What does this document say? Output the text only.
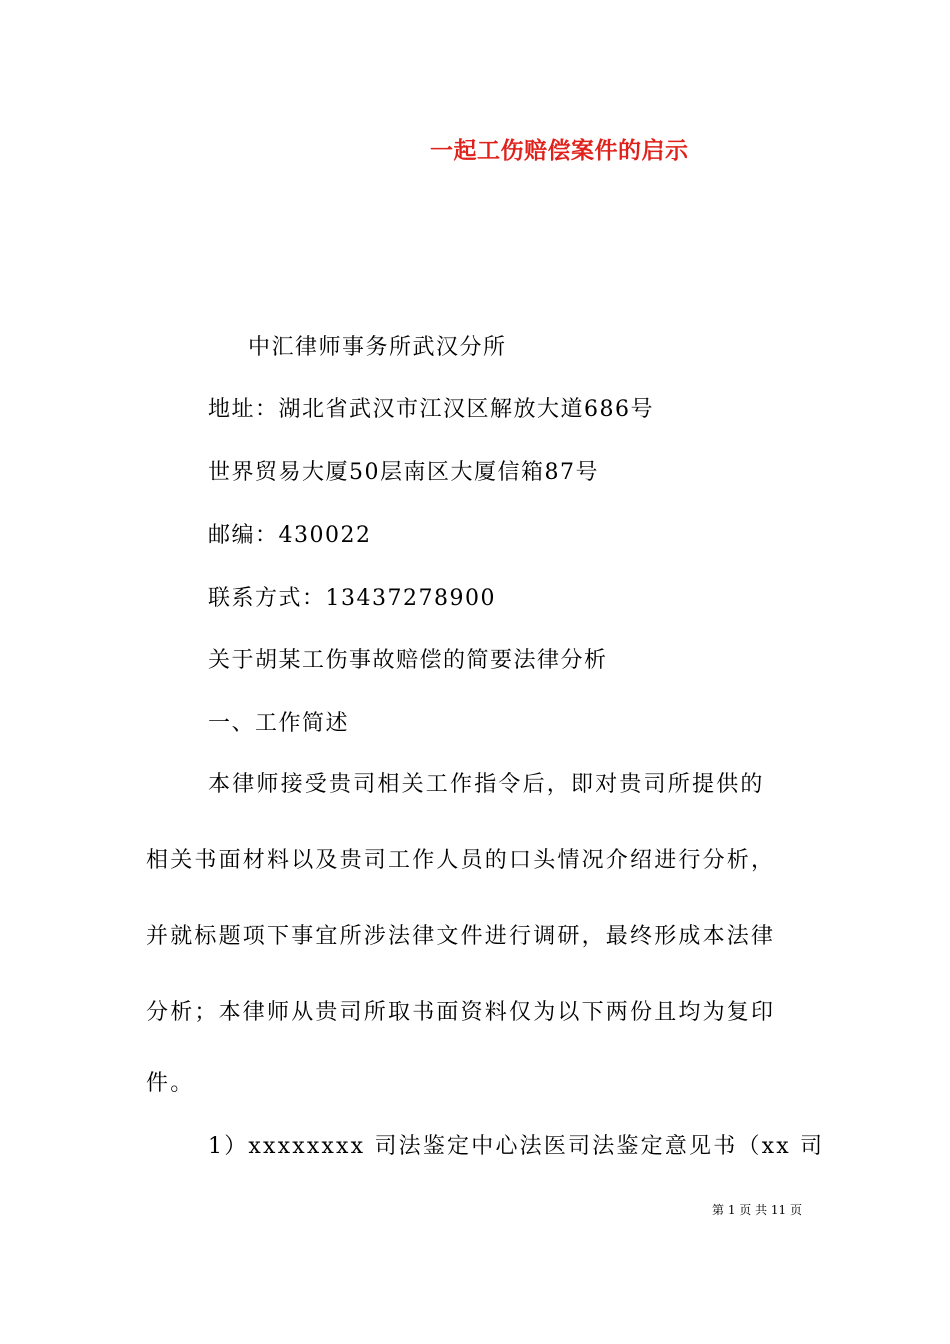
一起工伤赔偿案件的启示
中汇律师事务所武汉分所
地址：湖北省武汉市江汉区解放大道686号
世界贸易大厦50层南区大厦信箱87号
邮编：430022
联系方式：13437278900
关于胡某工伤事故赔偿的简要法律分析
一、工作简述
本律师接受贵司相关工作指令后，即对贵司所提供的
相关书面材料以及贵司工作人员的口头情况介绍进行分析，
并就标题项下事宜所涉法律文件进行调研，最终形成本法律
分析；本律师从贵司所取书面资料仅为以下两份且均为复印
件。
1）xxxxxxxx 司法鉴定中心法医司法鉴定意见书（xx 司
第 1 页 共 11 页
